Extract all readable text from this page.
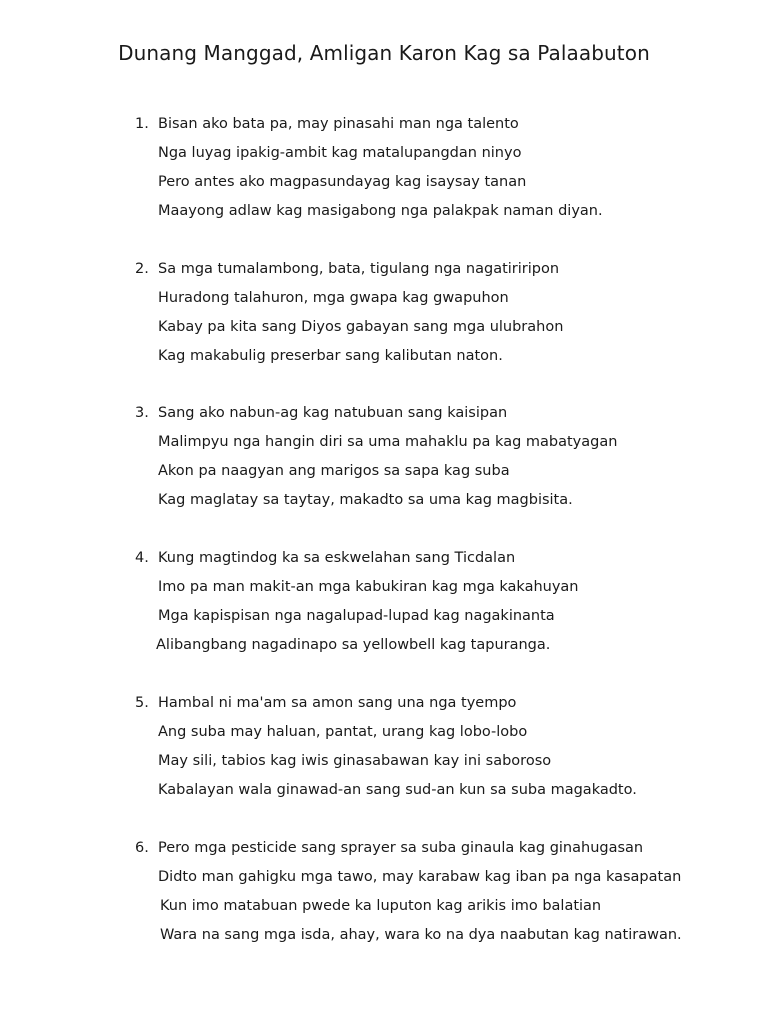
Dunang Manggad, Amligan Karon Kag sa Palaabuton
1. Bisan ako bata pa, may pinasahi man nga talento
Nga luyag ipakig-ambit kag matalupangdan ninyo
Pero antes ako magpasundayag kag isaysay tanan
Maayong adlaw kag masigabong nga palakpak naman diyan.
2. Sa mga tumalambong, bata, tigulang nga nagatiriripon
Huradong talahuron, mga gwapa kag gwapuhon
Kabay pa kita sang Diyos gabayan sang mga ulubrahon
Kag makabulig preserbar sang kalibutan naton.
3. Sang ako nabun-ag kag natubuan sang kaisipan
Malimpyu nga hangin diri sa uma mahaklu pa kag mabatyagan
Akon pa naagyan ang marigos sa sapa kag suba
Kag maglatay sa taytay, makadto sa uma kag magbisita.
4. Kung magtindog ka sa eskwelahan sang Ticdalan
Imo pa man makit-an mga kabukiran kag mga kakahuyan
Mga kapispisan nga nagalupad-lupad kag nagakinanta
Alibangbang nagadinapo sa yellowbell kag tapuranga.
5. Hambal ni ma'am sa amon sang una nga tyempo
Ang suba may haluan, pantat, urang kag lobo-lobo
May sili, tabios kag iwis ginasabawan kay ini saboroso
Kabalayan wala ginawad-an sang sud-an kun sa suba magakadto.
6. Pero mga pesticide sang sprayer sa suba ginaula kag ginahugasan
Didto man gahigku mga tawo, may karabaw kag iban pa nga kasapatan
Kun imo matabuan pwede ka luputon kag arikis imo balatian
Wara na sang mga isda, ahay, wara ko na dya naabutan kag natirawan.
